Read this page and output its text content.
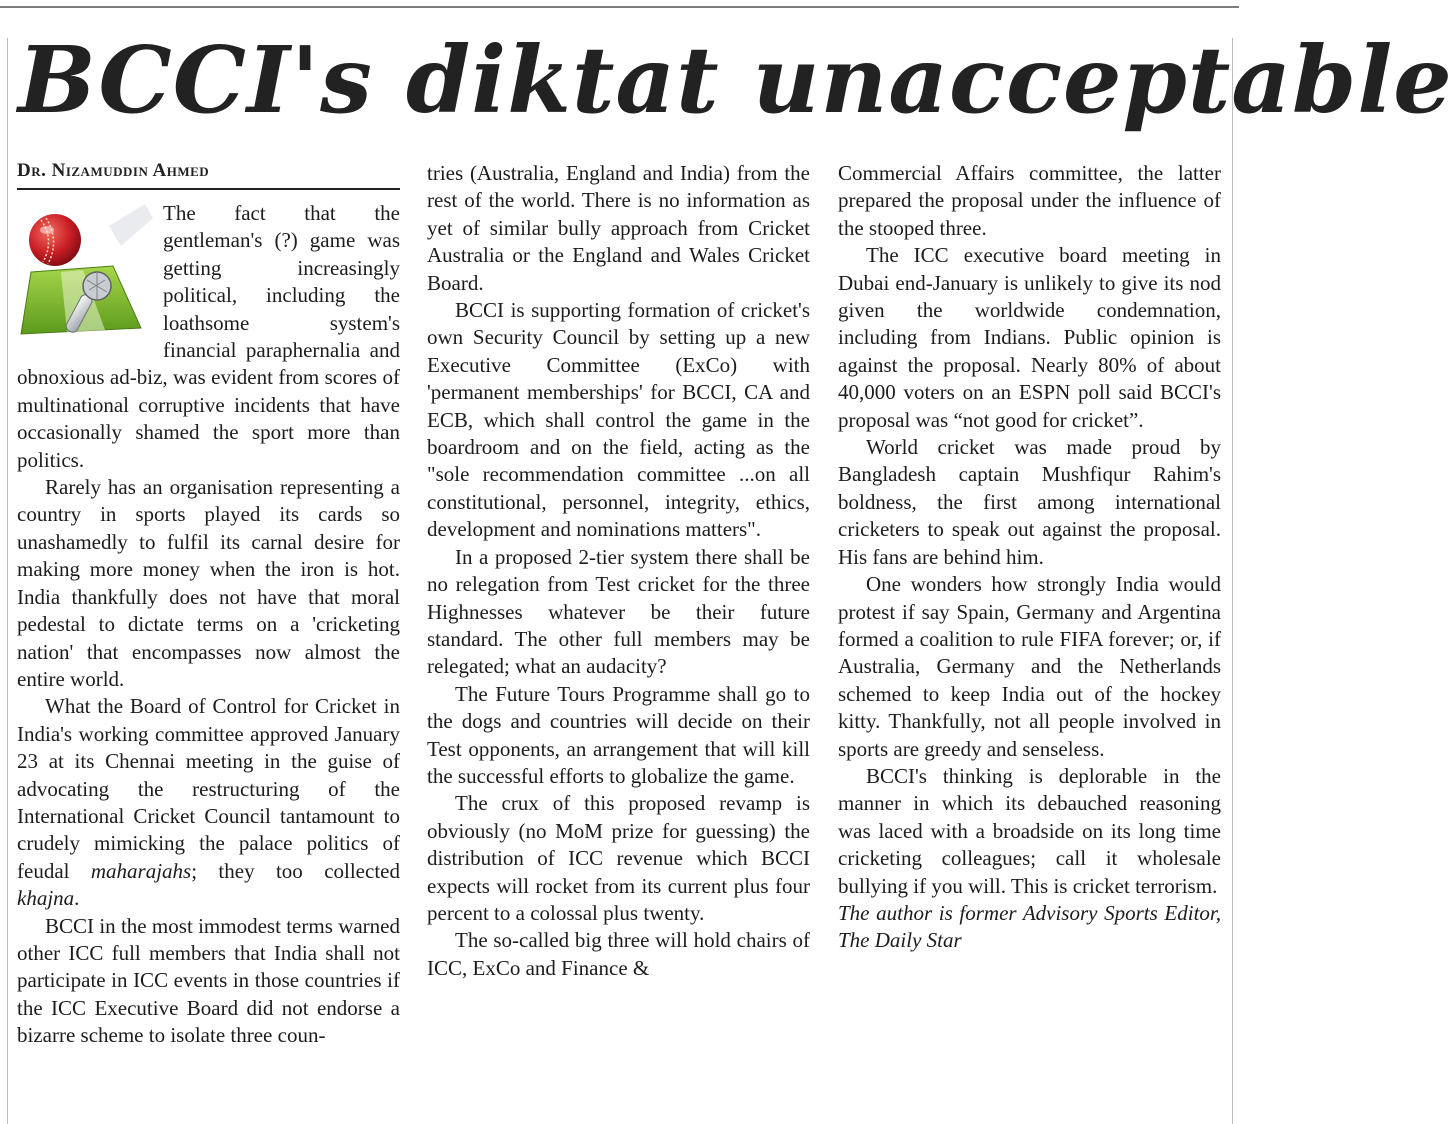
BCCI's diktat unacceptable
Dr. Nizamuddin Ahmed

The fact that the gentleman's (?) game was getting increasingly political, including the loathsome system's financial paraphernalia and obnoxious ad-biz, was evident from scores of multinational corruptive incidents that have occasionally shamed the sport more than politics.

Rarely has an organisation representing a country in sports played its cards so unashamedly to fulfil its carnal desire for making more money when the iron is hot. India thankfully does not have that moral pedestal to dictate terms on a 'cricketing nation' that encompasses now almost the entire world.

What the Board of Control for Cricket in India's working committee approved January 23 at its Chennai meeting in the guise of advocating the restructuring of the International Cricket Council tantamount to crudely mimicking the palace politics of feudal maharajahs; they too collected khajna.

BCCI in the most immodest terms warned other ICC full members that India shall not participate in ICC events in those countries if the ICC Executive Board did not endorse a bizarre scheme to isolate three coun-

tries (Australia, England and India) from the rest of the world. There is no information as yet of similar bully approach from Cricket Australia or the England and Wales Cricket Board.

BCCI is supporting formation of cricket's own Security Council by setting up a new Executive Committee (ExCo) with 'permanent memberships' for BCCI, CA and ECB, which shall control the game in the boardroom and on the field, acting as the "sole recommendation committee ...on all constitutional, personnel, integrity, ethics, development and nominations matters".

In a proposed 2-tier system there shall be no relegation from Test cricket for the three Highnesses whatever be their future standard. The other full members may be relegated; what an audacity?

The Future Tours Programme shall go to the dogs and countries will decide on their Test opponents, an arrangement that will kill the successful efforts to globalize the game.

The crux of this proposed revamp is obviously (no MoM prize for guessing) the distribution of ICC revenue which BCCI expects will rocket from its current plus four percent to a colossal plus twenty.

The so-called big three will hold chairs of ICC, ExCo and Finance &

Commercial Affairs committee, the latter prepared the proposal under the influence of the stooped three.

The ICC executive board meeting in Dubai end-January is unlikely to give its nod given the worldwide condemnation, including from Indians. Public opinion is against the proposal. Nearly 80% of about 40,000 voters on an ESPN poll said BCCI's proposal was “not good for cricket”.

World cricket was made proud by Bangladesh captain Mushfiqur Rahim's boldness, the first among international cricketers to speak out against the proposal. His fans are behind him.

One wonders how strongly India would protest if say Spain, Germany and Argentina formed a coalition to rule FIFA forever; or, if Australia, Germany and the Netherlands schemed to keep India out of the hockey kitty. Thankfully, not all people involved in sports are greedy and senseless.

BCCI's thinking is deplorable in the manner in which its debauched reasoning was laced with a broadside on its long time cricketing colleagues; call it wholesale bullying if you will. This is cricket terrorism.

The author is former Advisory Sports Editor, The Daily Star
